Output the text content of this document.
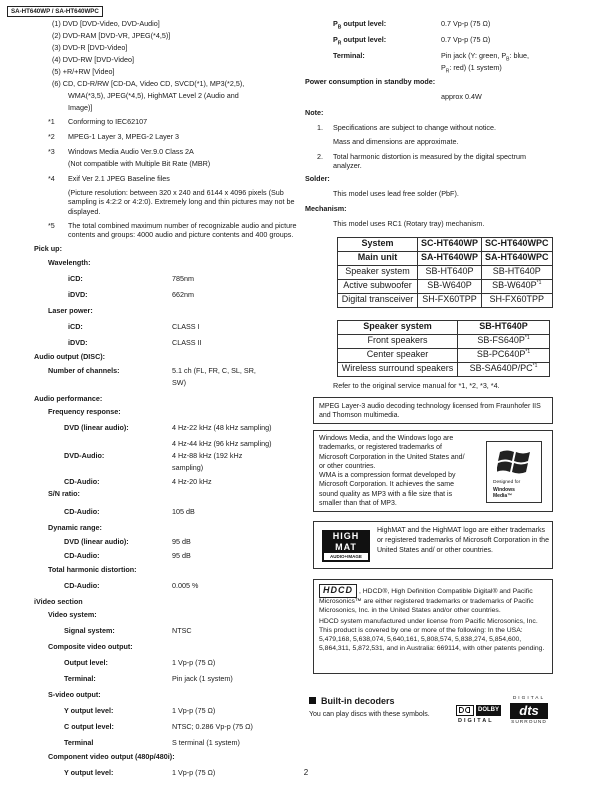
SA-HT640WP / SA-HT640WPC
(1) DVD [DVD-Video, DVD-Audio]
(2) DVD-RAM [DVD-VR, JPEG(*4,5)]
(3) DVD-R [DVD-Video]
(4) DVD-RW [DVD-Video]
(5) +R/+RW [Video]
(6) CD, CD-R/RW [CD-DA, Video CD, SVCD(*1), MP3(*2,5),
WMA(*3,5), JPEG(*4,5), HighMAT Level 2 (Audio and
Image)]
*1 Conforming to IEC62107
*2 MPEG-1 Layer 3, MPEG-2 Layer 3
*3 Windows Media Audio Ver.9.0 Class 2A
(Not compatible with Multiple Bit Rate (MBR)
*4 Exif Ver 2.1 JPEG Baseline files
(Picture resolution: between 320 x 240 and 6144 x 4096 pixels (Sub sampling is 4:2:2 or 4:2:0). Extremely long and thin pictures may not be displayed.
*5 The total combined maximum number of recognizable audio and picture contents and groups: 4000 audio and picture contents and 400 groups.
Pick up:
Wavelength:
iCD:	785nm
iDVD:	662nm
Laser power:
iCD:	CLASS I
iDVD:	CLASS II
Audio output (DISC):
Number of channels:	5.1 ch (FL, FR, C, SL, SR,
SW)
Audio performance:
Frequency response:
DVD (linear audio):	4 Hz-22 kHz (48 kHz sampling)
4 Hz-44 kHz (96 kHz sampling)
DVD-Audio:	4 Hz-88 kHz (192 kHz
sampling)
CD-Audio:	4 Hz-20 kHz
S/N ratio:
CD-Audio:	105 dB
Dynamic range:
DVD (linear audio):	95 dB
CD-Audio:	95 dB
Total harmonic distortion:
CD-Audio:	0.005 %
iVideo section
Video system:
Signal system:	NTSC
Composite video output:
Output level:	1 Vp-p (75 Ω)
Terminal:	Pin jack (1 system)
S-video output:
Y output level:	1 Vp-p (75 Ω)
C output level:	NTSC; 0.286 Vp-p (75 Ω)
Terminal	S terminal (1 system)
Component video output (480p/480i):
Y output level:	1 Vp-p (75 Ω)
$P_B$ output level:	0.7 Vp-p (75 Ω)
$P_R$ output level:	0.7 Vp-p (75 Ω)
Terminal:	Pin jack (Y: green, $P_B$: blue,
$P_R$: red) (1 system)
Power consumption in standby mode:
approx 0.4W
Note:
1. Specifications are subject to change without notice.
Mass and dimensions are approximate.
2. Total harmonic distortion is measured by the digital spectrum analyzer.
Solder:
This model uses lead free solder (PbF).
Mechanism:
This model uses RC1 (Rotary tray) mechanism.
System	SC-HT640WP	SC-HT640WPC
Main unit	SA-HT640WP	SA-HT640WPC
Speaker system	SB-HT640P	SB-HT640P
Active subwoofer	SB-W640P	$SB-W640P^{*1}$
Digital transceiver	SH-FX60TPP	SH-FX60TPP
Speaker system	SB-HT640P
Front speakers	$SB-FS640P^{*1}$
Center speaker	$SB-PC640P^{*1}$
Wireless surround speakers	SB-SA640P/PC$^{*1}$
Refer to the original service manual for *1, *2, *3, *4.
MPEG Layer-3 audio decoding technology licensed from Fraunhofer IIS and Thomson multimedia.
Windows Media, and the Windows logo are
trademarks, or registered trademarks of
Microsoft Corporation in the United States and/
or other countries.
WMA is a compression format developed by
Microsoft Corporation. It achieves the same
sound quality as MP3 with a file size that is
smaller than that of MP3.
Designed for
Windows
Media™
HIGH
MAT
AUDIO+IMAGE
HighMAT and the HighMAT logo are either trademarks or registered trademarks of Microsoft Corporation in the United States and/ or other countries.
HDCD , HDCD®, High Definition Compatible Digital® and Pacific Microsonics™ are either registered trademarks or trademarks of Pacific Microsonics, Inc. in the United States and/or other countries.
HDCD system manufactured under license from Pacific Microsonics, Inc. This product is covered by one or more of the following: In the USA: 5,479,168, 5,638,074, 5,640,161, 5,808,574, 5,838,274, 5,854,600, 5,864,311, 5,872,531, and in Australia: 669114, with other patents pending.
Built-in decoders
You can play discs with these symbols.
DOLBY
DIGITAL
DIGITAL
dts
SURROUND
2
